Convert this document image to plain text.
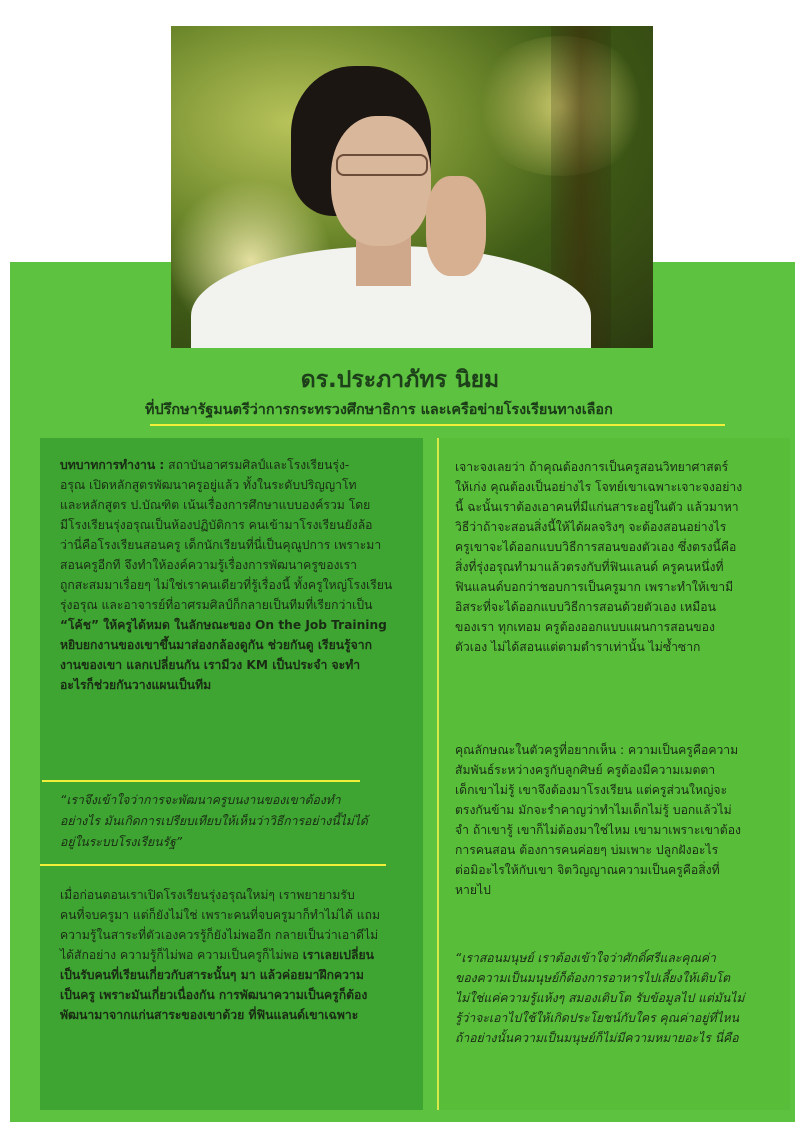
ดร.ประภาภัทร นิยม
ที่ปรึกษารัฐมนตรีว่าการกระทรวงศึกษาธิการ และเครือข่ายโรงเรียนทางเลือก

บทบาทการทำงาน : สถาบันอาศรมศิลป์และโรงเรียนรุ่ง-
อรุณ เปิดหลักสูตรพัฒนาครูอยู่แล้ว ทั้งในระดับปริญญาโท
และหลักสูตร ป.บัณฑิต เน้นเรื่องการศึกษาแบบองค์รวม โดย
มีโรงเรียนรุ่งอรุณเป็นห้องปฏิบัติการ คนเข้ามาโรงเรียนยังล้อ
ว่านี่คือโรงเรียนสอนครู เด็กนักเรียนที่นี่เป็นคุณูปการ เพราะมา
สอนครูอีกที จึงทำให้องค์ความรู้เรื่องการพัฒนาครูของเรา
ถูกสะสมมาเรื่อยๆ ไม่ใช่เราคนเดียวที่รู้เรื่องนี้ ทั้งครูใหญ่โรงเรียน
รุ่งอรุณ และอาจารย์ที่อาศรมศิลป์ก็กลายเป็นทีมที่เรียกว่าเป็น
“โค้ช” ให้ครูได้หมด ในลักษณะของ On the Job Training
หยิบยกงานของเขาขึ้นมาส่องกล้องดูกัน ช่วยกันดู เรียนรู้จาก
งานของเขา แลกเปลี่ยนกัน เรามีวง KM เป็นประจำ จะทำ
อะไรก็ช่วยกันวางแผนเป็นทีม

“เราจึงเข้าใจว่าการจะพัฒนาครูบนงานของเขาต้องทำ
อย่างไร มันเกิดการเปรียบเทียบให้เห็นว่าวิธีการอย่างนี้ไม่ได้
อยู่ในระบบโรงเรียนรัฐ”

เมื่อก่อนตอนเราเปิดโรงเรียนรุ่งอรุณใหม่ๆ เราพยายามรับ
คนที่จบครูมา แต่ก็ยังไม่ใช่ เพราะคนที่จบครูมาก็ทำไม่ได้ แถม
ความรู้ในสาระที่ตัวเองควรรู้ก็ยังไม่พออีก กลายเป็นว่าเอาดีไม่
ได้สักอย่าง ความรู้ก็ไม่พอ ความเป็นครูก็ไม่พอ เราเลยเปลี่ยน
เป็นรับคนที่เรียนเกี่ยวกับสาระนั้นๆ มา แล้วค่อยมาฝึกความ
เป็นครู เพราะมันเกี่ยวเนื่องกัน การพัฒนาความเป็นครูก็ต้อง
พัฒนามาจากแก่นสาระของเขาด้วย ที่ฟินแลนด์เขาเฉพาะ

เจาะจงเลยว่า ถ้าคุณต้องการเป็นครูสอนวิทยาศาสตร์
ให้เก่ง คุณต้องเป็นอย่างไร โจทย์เขาเฉพาะเจาะจงอย่าง
นี้ ฉะนั้นเราต้องเอาคนที่มีแก่นสาระอยู่ในตัว แล้วมาหา
วิธีว่าถ้าจะสอนสิ่งนี้ให้ได้ผลจริงๆ จะต้องสอนอย่างไร
ครูเขาจะได้ออกแบบวิธีการสอนของตัวเอง ซึ่งตรงนี้คือ
สิ่งที่รุ่งอรุณทำมาแล้วตรงกับที่ฟินแลนด์ ครูคนหนึ่งที่
ฟินแลนด์บอกว่าชอบการเป็นครูมาก เพราะทำให้เขามี
อิสระที่จะได้ออกแบบวิธีการสอนด้วยตัวเอง เหมือน
ของเรา ทุกเทอม ครูต้องออกแบบแผนการสอนของ
ตัวเอง ไม่ได้สอนแต่ตามตำราเท่านั้น ไม่ซ้ำซาก

คุณลักษณะในตัวครูที่อยากเห็น : ความเป็นครูคือความ
สัมพันธ์ระหว่างครูกับลูกศิษย์ ครูต้องมีความเมตตา
เด็กเขาไม่รู้ เขาจึงต้องมาโรงเรียน แต่ครูส่วนใหญ่จะ
ตรงกันข้าม มักจะรำคาญว่าทำไมเด็กไม่รู้ บอกแล้วไม่
จำ ถ้าเขารู้ เขาก็ไม่ต้องมาใช่ไหม เขามาเพราะเขาต้อง
การคนสอน ต้องการคนค่อยๆ บ่มเพาะ ปลูกฝังอะไร
ต่อมิอะไรให้กับเขา จิตวิญญาณความเป็นครูคือสิ่งที่
หายไป

“เราสอนมนุษย์ เราต้องเข้าใจว่าศักดิ์ศรีและคุณค่า
ของความเป็นมนุษย์ก็ต้องการอาหารไปเลี้ยงให้เติบโต
ไม่ใช่แค่ความรู้แห้งๆ สมองเติบโต รับข้อมูลไป แต่มันไม่
รู้ว่าจะเอาไปใช้ให้เกิดประโยชน์กับใคร คุณค่าอยู่ที่ไหน
ถ้าอย่างนั้นความเป็นมนุษย์ก็ไม่มีความหมายอะไร นี่คือ
